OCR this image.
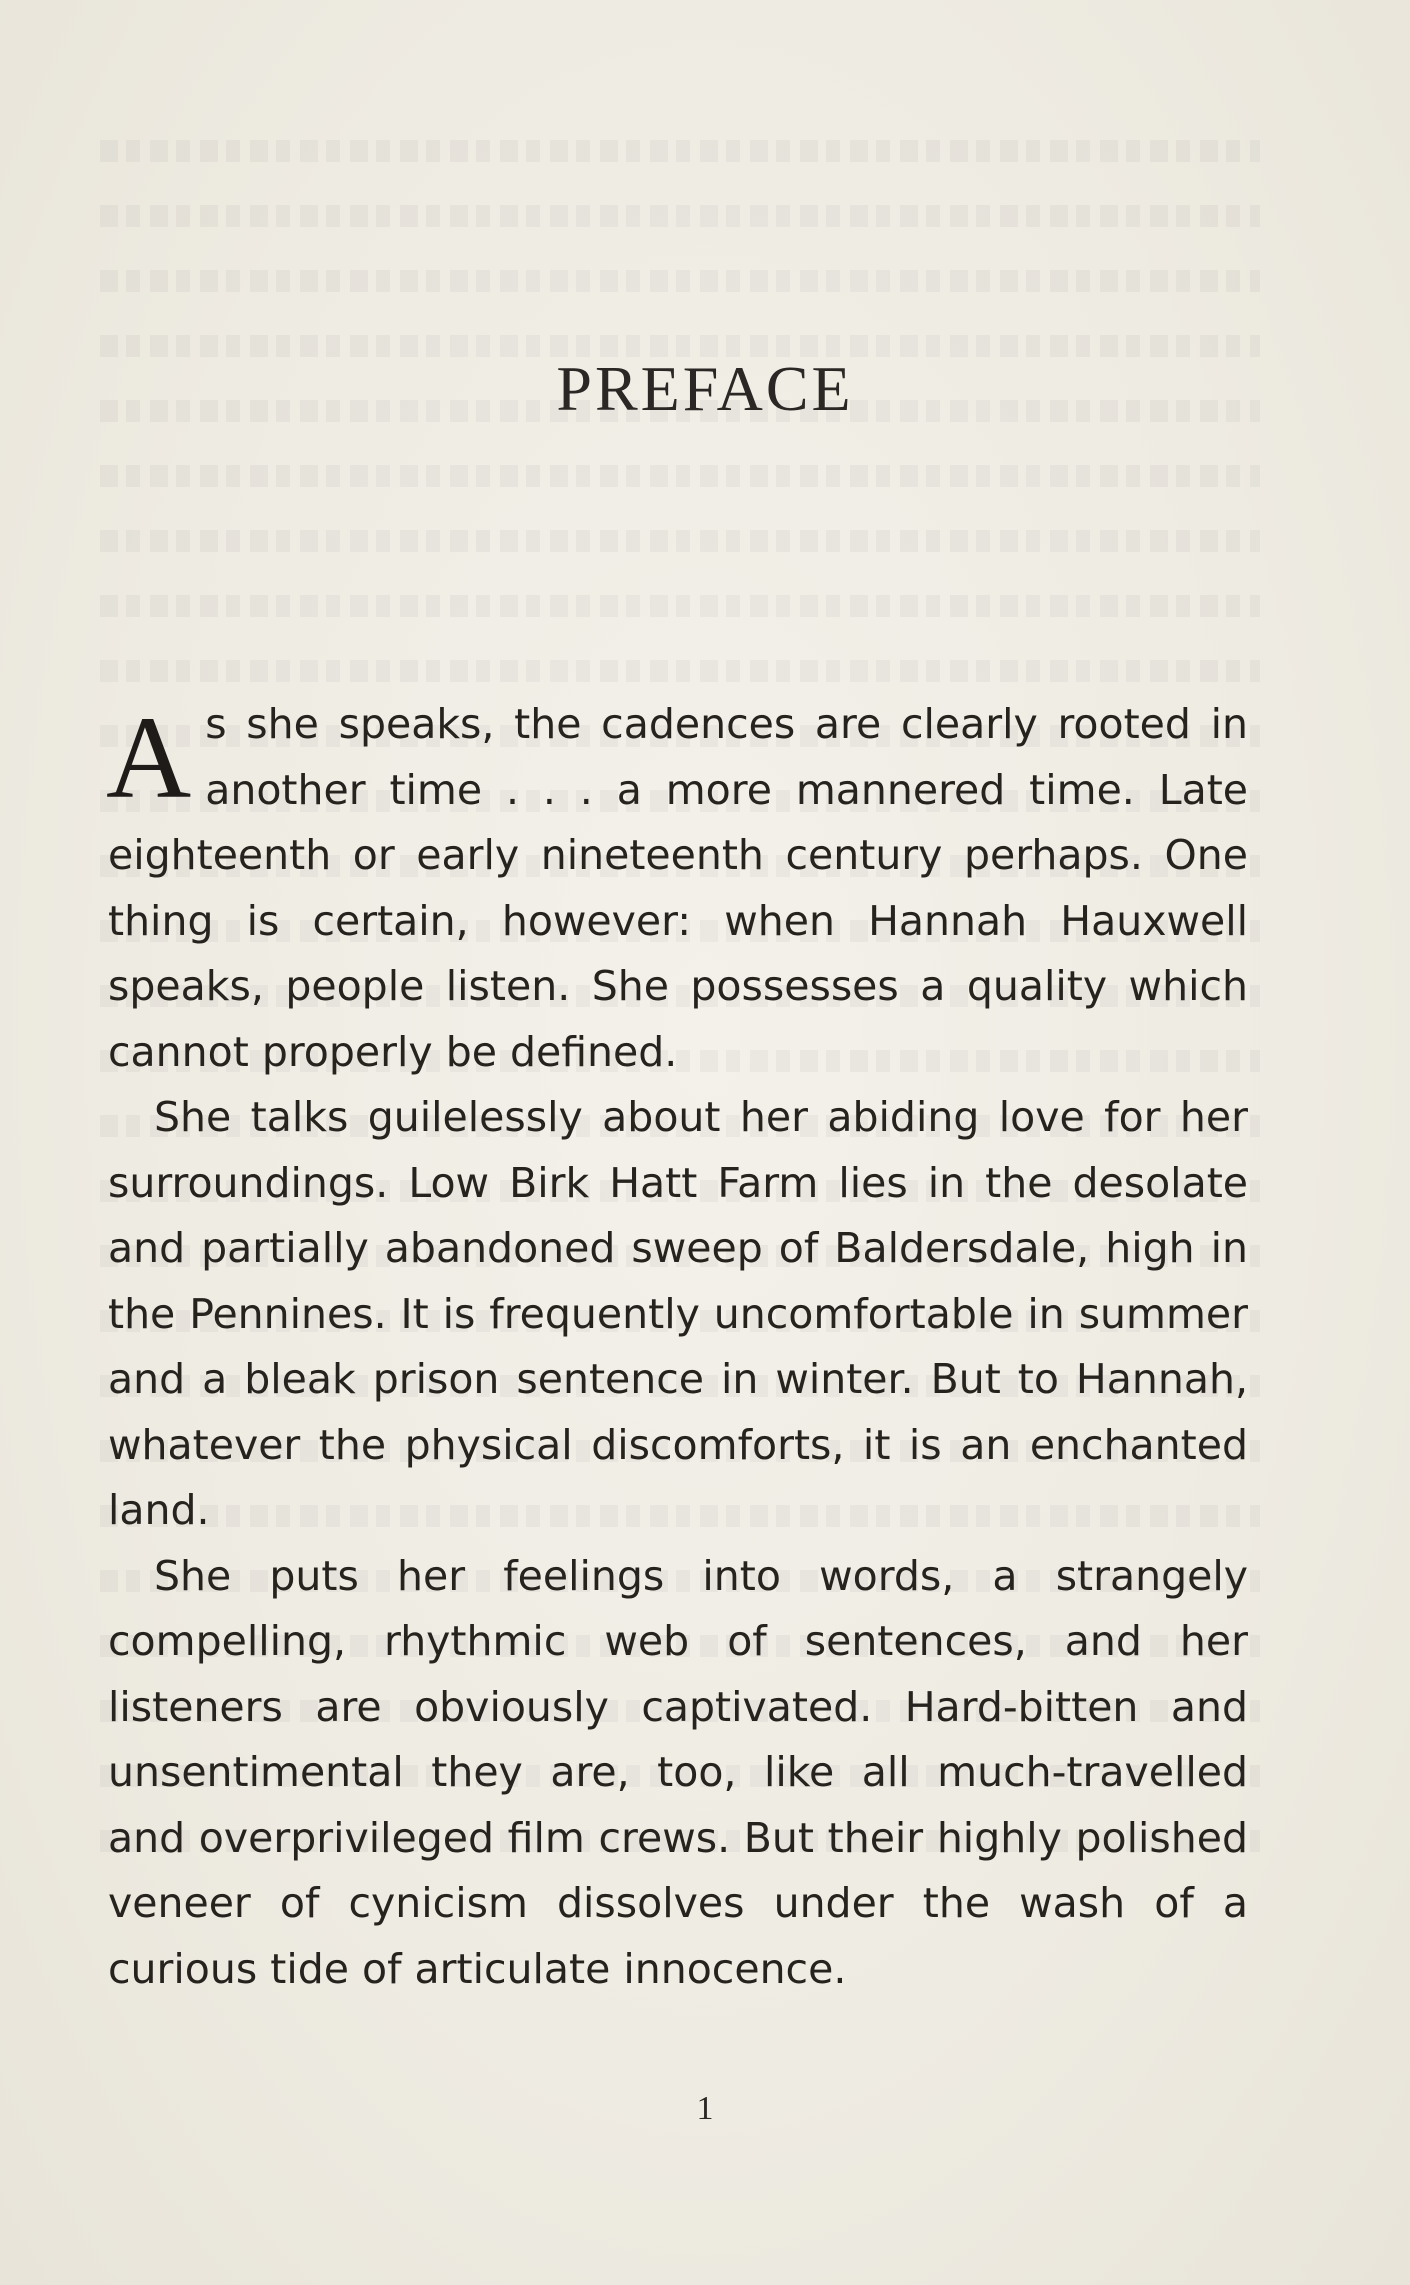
PREFACE

As she speaks, the cadences are clearly rooted in another time . . . a more mannered time. Late eighteenth or early nineteenth century perhaps. One thing is certain, however: when Hannah Hauxwell speaks, people listen. She possesses a quality which cannot properly be defined.

She talks guilelessly about her abiding love for her surroundings. Low Birk Hatt Farm lies in the desolate and partially abandoned sweep of Baldersdale, high in the Pennines. It is frequently uncomfortable in summer and a bleak prison sentence in winter. But to Hannah, whatever the physical discomforts, it is an enchanted land.

She puts her feelings into words, a strangely compelling, rhythmic web of sentences, and her listeners are obviously captivated. Hard-bitten and unsentimental they are, too, like all much-travelled and overprivileged film crews. But their highly polished veneer of cynicism dissolves under the wash of a curious tide of articulate innocence.

1
